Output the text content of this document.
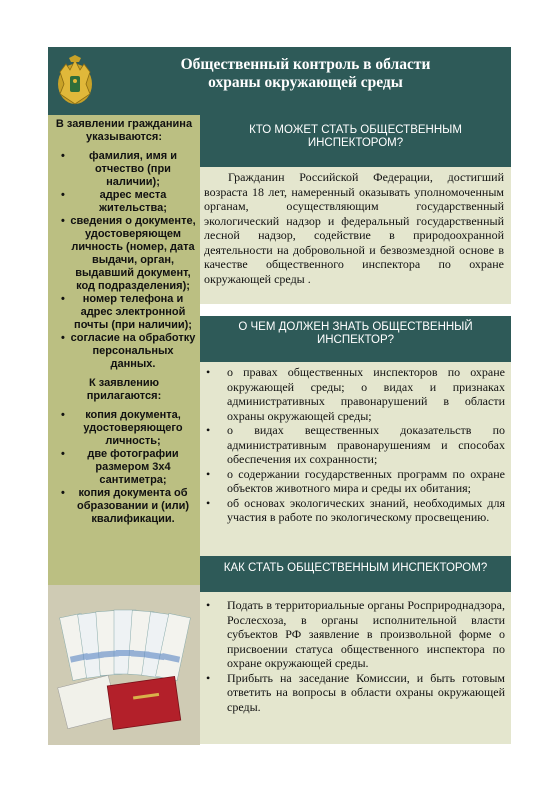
Общественный контроль в области
охраны окружающей среды
В заявлении гражданина указываются:
• фамилия, имя и отчество (при наличии);
• адрес места жительства;
• сведения о документе, удостоверяющем личность (номер, дата выдачи, орган, выдавший документ, код подразделения);
• номер телефона и адрес электронной почты (при наличии);
• согласие на обработку персональных данных.
К заявлению прилагаются:
• копия документа, удостоверяющего личность;
• две фотографии размером 3х4 сантиметра;
• копия документа об образовании и (или) квалификации.
КТО МОЖЕТ СТАТЬ ОБЩЕСТВЕННЫМ
ИНСПЕКТОРОМ?

Гражданин Российской Федерации, достигший возраста 18 лет, намеренный оказывать уполномоченным органам, осуществляющим государственный экологический надзор и федеральный государственный лесной надзор, содействие в природоохранной деятельности на добровольной и безвозмездной основе в качестве общественного инспектора по охране окружающей среды .

О ЧЕМ ДОЛЖЕН ЗНАТЬ ОБЩЕСТВЕННЫЙ
ИНСПЕКТОР?
• о правах общественных инспекторов по охране окружающей среды; о видах и признаках административных правонарушений в области охраны окружающей среды;
• о видах вещественных доказательств по административным правонарушениям и способах обеспечения их сохранности;
• о содержании государственных программ по охране объектов животного мира и среды их обитания;
• об основах экологических знаний, необходимых для участия в работе по экологическому просвещению.
КАК СТАТЬ ОБЩЕСТВЕННЫМ ИНСПЕКТОРОМ?
• Подать в территориальные органы Росприроднадзора, Рослесхоза, в органы исполнительной власти субъектов РФ заявление в произвольной форме о присвоении статуса общественного инспектора по охране окружающей среды.
• Прибыть на заседание Комиссии, и быть готовым ответить на вопросы в области охраны окружающей среды.
